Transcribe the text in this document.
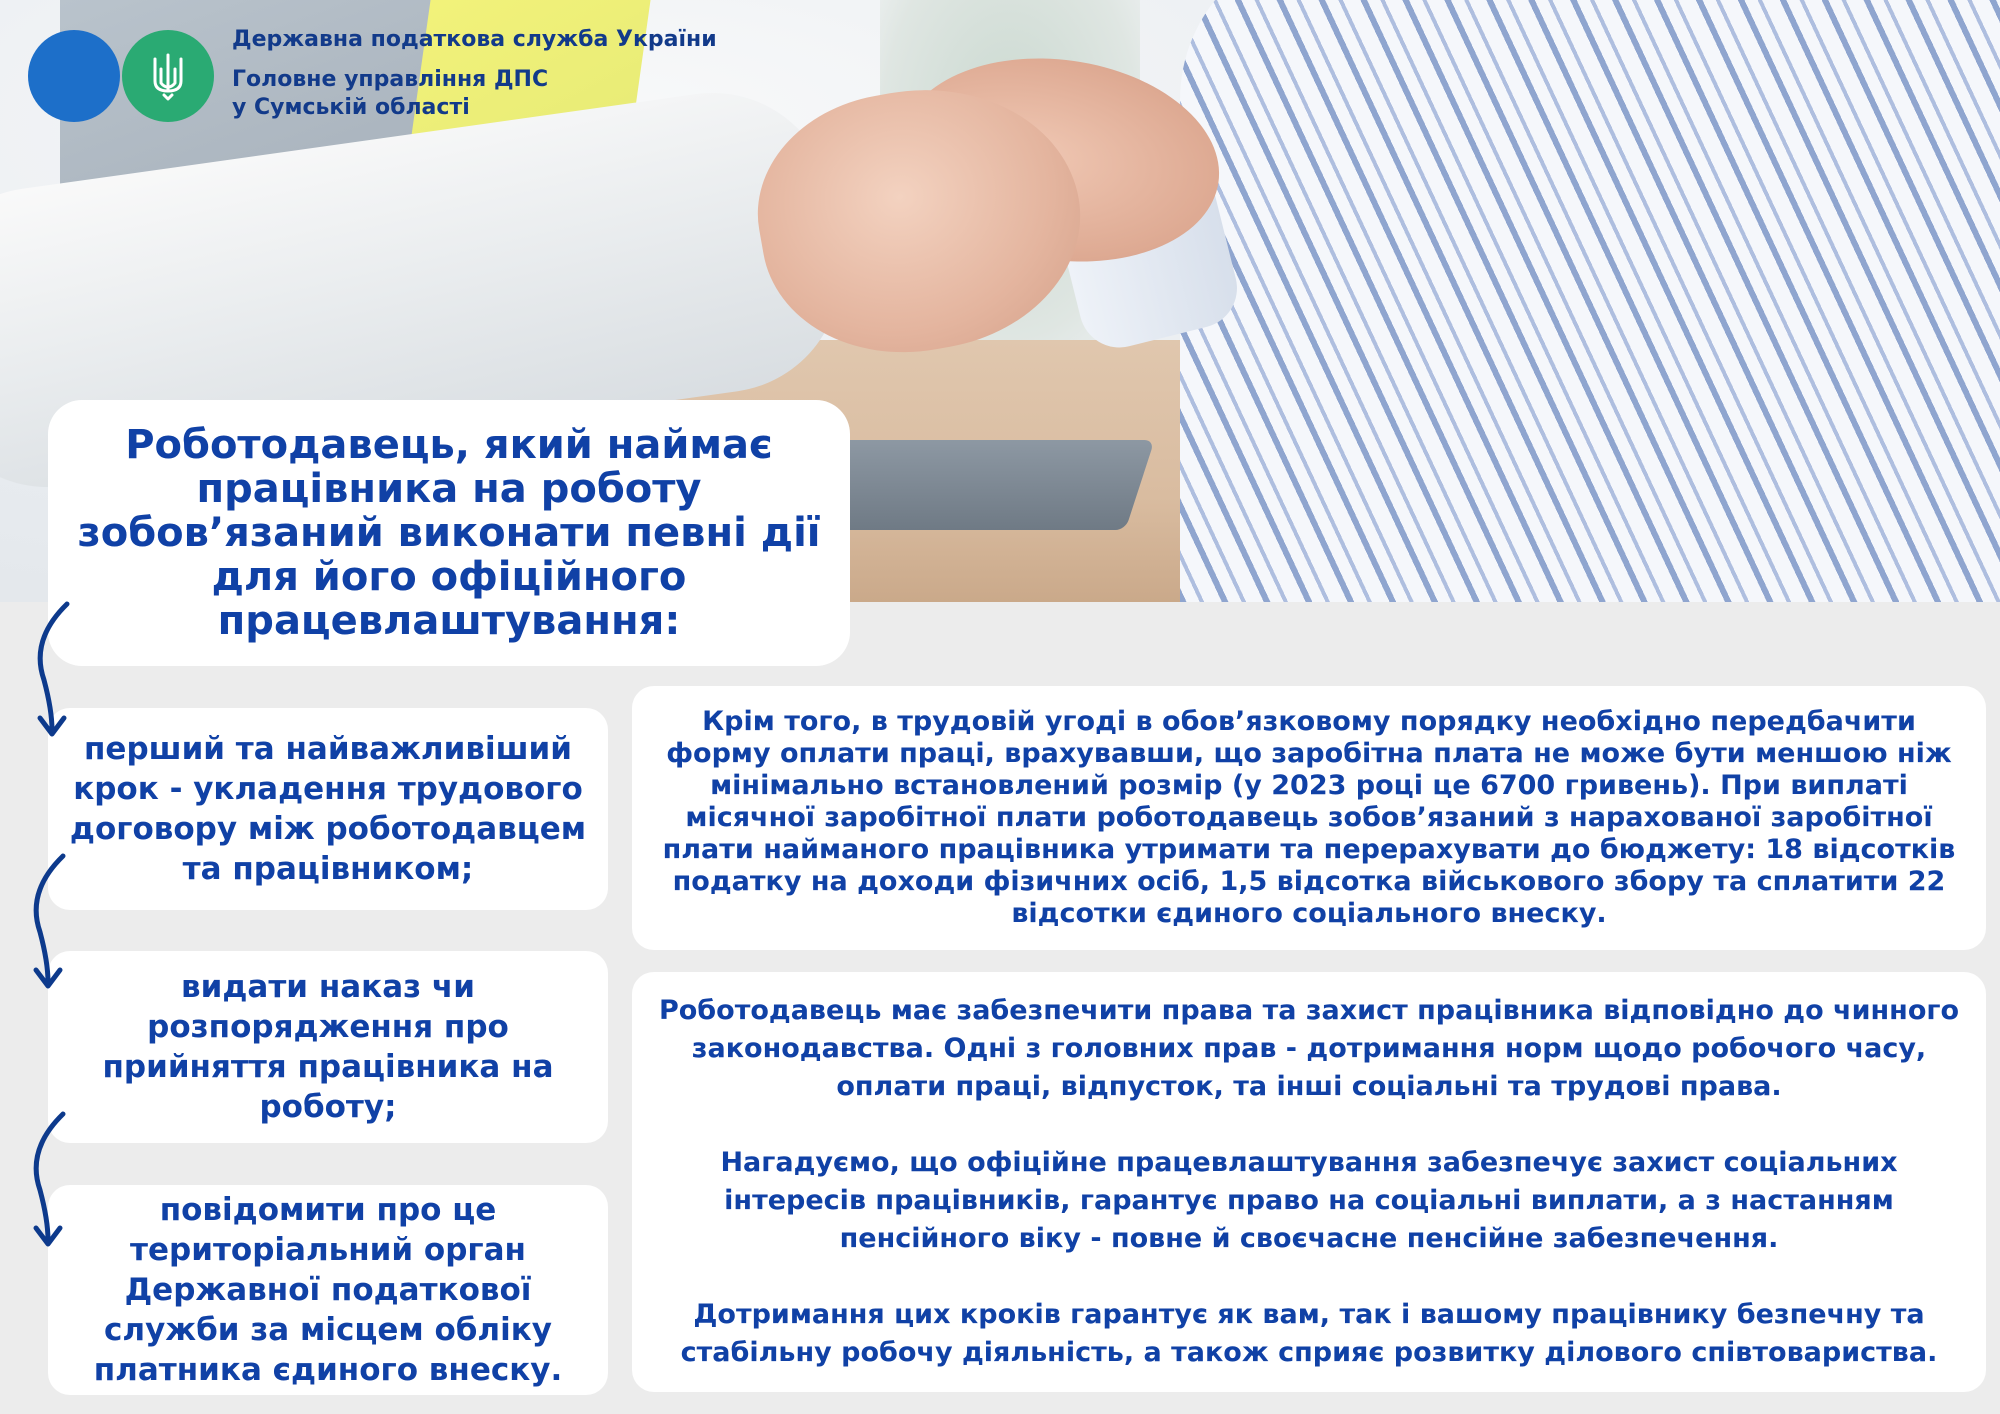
Державна податкова служба України
Головне управління ДПС
у Сумській області
Роботодавець, який наймає працівника на роботу зобов’язаний виконати певні дії для його офіційного працевлаштування:
перший та найважливіший крок - укладення трудового договору між роботодавцем та працівником;
видати наказ чи розпорядження про прийняття працівника на роботу;
повідомити про це територіальний орган Державної податкової служби за місцем обліку платника єдиного внеску.
Крім того, в трудовій угоді в обов’язковому порядку необхідно передбачити форму оплати праці, врахувавши, що заробітна плата не може бути меншою ніж мінімально встановлений розмір (у 2023 році це 6700 гривень). При виплаті місячної заробітної плати роботодавець зобов’язаний з нарахованої заробітної плати найманого працівника утримати та перерахувати до бюджету: 18 відсотків податку на доходи фізичних осіб, 1,5 відсотка військового збору та сплатити 22 відсотки єдиного соціального внеску.

Роботодавець має забезпечити права та захист працівника відповідно до чинного законодавства. Одні з головних прав - дотримання норм щодо робочого часу, оплати праці, відпусток, та інші соціальні та трудові права.

Нагадуємо, що офіційне працевлаштування забезпечує захист соціальних інтересів працівників, гарантує право на соціальні виплати, а з настанням пенсійного віку - повне й своєчасне пенсійне забезпечення.

Дотримання цих кроків гарантує як вам, так і вашому працівнику безпечну та стабільну робочу діяльність, а також сприяє розвитку ділового співтовариства.
